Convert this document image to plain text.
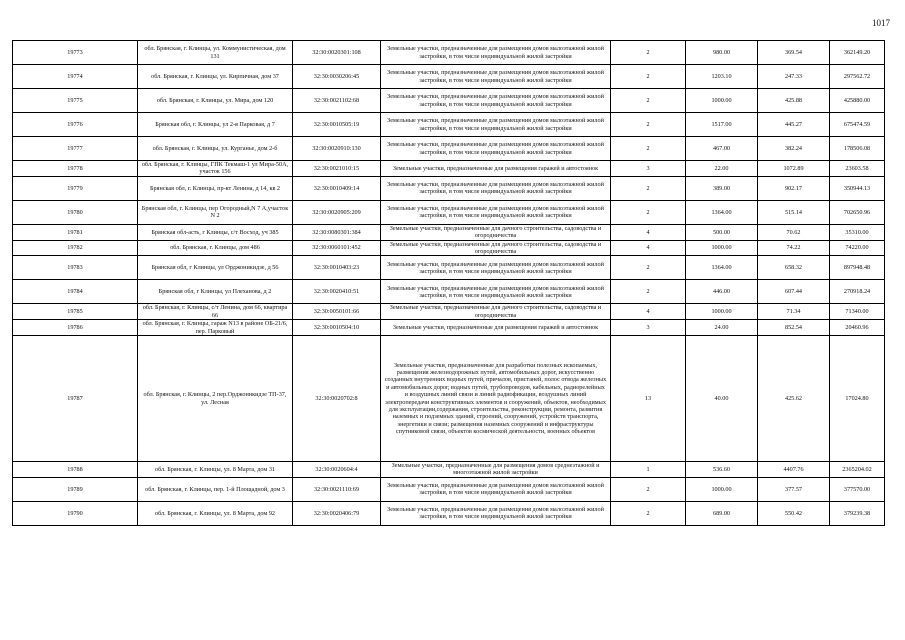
1017
19773	обл. Брянская, г. Клинцы, ул. Коммунистическая, дом 131	32:30:0020301:108	Земельные участки, предназначенные для размещения домов малоэтажной жилой застройки, в том числе индивидуальной жилой застройки	2	980.00	369.54	362149.20
19774	обл. Брянская, г. Клинцы, ул. Кирпичная, дом 37	32:30:0030206:45	Земельные участки, предназначенные для размещения домов малоэтажной жилой застройки, в том числе индивидуальной жилой застройки	2	1203.10	247.33	297562.72
19775	обл. Брянская, г. Клинцы, ул. Мира, дом 120	32:30:0021102:68	Земельные участки, предназначенные для размещения домов малоэтажной жилой застройки, в том числе индивидуальной жилой застройки	2	1000.00	425.88	425880.00
19776	Брянская обл, г. Клинцы, ул 2-я Парковая, д 7	32:30:0010505:19	Земельные участки, предназначенные для размещения домов малоэтажной жилой застройки, в том числе индивидуальной жилой застройки	2	1517.00	445.27	675474.59
19777	обл. Брянская, г. Клинцы, ул. Курганье, дом 2-б	32:30:0020910:130	Земельные участки, предназначенные для размещения домов малоэтажной жилой застройки, в том числе индивидуальной жилой застройки	2	467.00	382.24	178506.08
19778	обл. Брянская, г. Клинцы, ГПК Текмаш-1 ул Мира-50А, участок 156	32:30:0021010:15	Земельные участки, предназначенные для размещения гаражей и автостоянок	3	22.00	1072.89	23603.58
19779	Брянская обл, г. Клинцы, пр-кт Ленина, д 14, кв 2	32:30:0010409:14	Земельные участки, предназначенные для размещения домов малоэтажной жилой застройки, в том числе индивидуальной жилой застройки	2	389.00	902.17	350944.13
19780	Брянская обл, г. Клинцы, пер Огородный,N 7 А,участок N 2	32:30:0020905:209	Земельные участки, предназначенные для размещения домов малоэтажной жилой застройки, в том числе индивидуальной жилой застройки	2	1364.00	515.14	702650.96
19781	Брянская обл-асть, г Клинцы, с/т Восход, уч 385	32:30:0080301:384	Земельные участки, предназначенные для дачного строительства, садоводства и огородничества	4	500.00	70.62	35310.00
19782	обл. Брянская, г. Клинцы, дом 486	32:30:0060101:452	Земельные участки, предназначенные для дачного строительства, садоводства и огородничества	4	1000.00	74.22	74220.00
19783	Брянская обл, г Клинцы, ул Орджоникидзе, д 56	32:30:0010403:23	Земельные участки, предназначенные для размещения домов малоэтажной жилой застройки, в том числе индивидуальной жилой застройки	2	1364.00	658.32	897948.48
19784	Брянская обл, г Клинцы, ул Плеханова, д 2	32:30:0020410:51	Земельные участки, предназначенные для размещения домов малоэтажной жилой застройки, в том числе индивидуальной жилой застройки	2	446.00	607.44	270918.24
19785	обл. Брянская, г. Клинцы, с/т Ленина, дом 66, квартира 66	32:30:0050101:66	Земельные участки, предназначенные для дачного строительства, садоводства и огородничества	4	1000.00	71.34	71340.00
19786	обл. Брянская, г. Клинцы, гараж N13 в районе ОБ-21/6, пер. Парковый	32:30:0010504:10	Земельные участки, предназначенные для размещения гаражей и автостоянок	3	24.00	852.54	20460.96
19787	обл. Брянская, г. Клинцы, 2 пер.Орджоникидзе ТП-37, ул. Лесная	32:30:0020702:8	Земельные участки, предназначенные для разработки полезных ископаемых, размещения железнодорожных путей, автомобильных дорог, искусственно созданных внутренних водных путей, причалов, пристаней, полос отвода железных и автомобильных дорог, водных путей, трубопроводов, кабельных, радиорелейных и воздушных линий связи и линий радиофикации, воздушных линий электропередачи конструктивных элементов и сооружений, объектов, необходимых для эксплуатации,содержания, строительства, реконструкции, ремонта, развития наземных и подземных зданий, строений, сооружений, устройств транспорта, энергетики и связи; размещения наземных сооружений и инфраструктуры спутниковой связи, объектов космической деятельности, военных объектов	13	40.00	425.62	17024.80
19788	обл. Брянская, г. Клинцы, ул. 8 Марта, дом 31	32:30:0020604:4	Земельные участки, предназначенные для размещения домов среднеэтажной и многоэтажной жилой застройки	1	536.60	4407.76	2365204.02
19789	обл. Брянская, г. Клинцы, пер. 1-й Площадной, дом 3	32:30:0021110:69	Земельные участки, предназначенные для размещения домов малоэтажной жилой застройки, в том числе индивидуальной жилой застройки	2	1000.00	377.57	377570.00
19790	обл. Брянская, г. Клинцы, ул. 8 Марта, дом 92	32:30:0020406:79	Земельные участки, предназначенные для размещения домов малоэтажной жилой застройки, в том числе индивидуальной жилой застройки	2	689.00	550.42	379239.38
